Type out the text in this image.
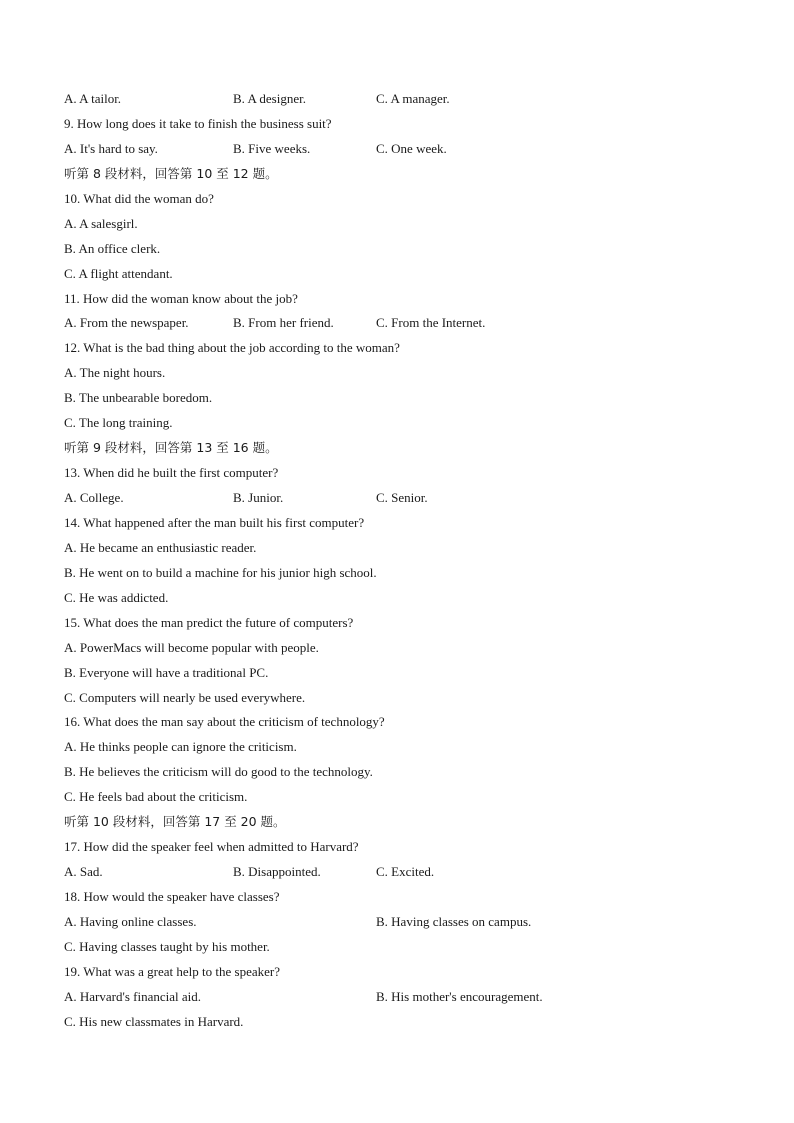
A. A tailor.	B. A designer.	C. A manager.
9. How long does it take to finish the business suit?
A. It's hard to say.	B. Five weeks.	C. One week.
听第 8 段材料，回答第 10 至 12 题。
10. What did the woman do?
A. A salesgirl.
B. An office clerk.
C. A flight attendant.
11. How did the woman know about the job?
A. From the newspaper.	B. From her friend.	C. From the Internet.
12. What is the bad thing about the job according to the woman?
A. The night hours.
B. The unbearable boredom.
C. The long training.
听第 9 段材料，回答第 13 至 16 题。
13. When did he built the first computer?
A. College.	B. Junior.	C. Senior.
14. What happened after the man built his first computer?
A. He became an enthusiastic reader.
B. He went on to build a machine for his junior high school.
C. He was addicted.
15. What does the man predict the future of computers?
A. PowerMacs will become popular with people.
B. Everyone will have a traditional PC.
C. Computers will nearly be used everywhere.
16. What does the man say about the criticism of technology?
A. He thinks people can ignore the criticism.
B. He believes the criticism will do good to the technology.
C. He feels bad about the criticism.
听第 10 段材料，回答第 17 至 20 题。
17. How did the speaker feel when admitted to Harvard?
A. Sad.	B. Disappointed.	C. Excited.
18. How would the speaker have classes?
A. Having online classes.	B. Having classes on campus.
C. Having classes taught by his mother.
19. What was a great help to the speaker?
A. Harvard's financial aid.	B. His mother's encouragement.
C. His new classmates in Harvard.
